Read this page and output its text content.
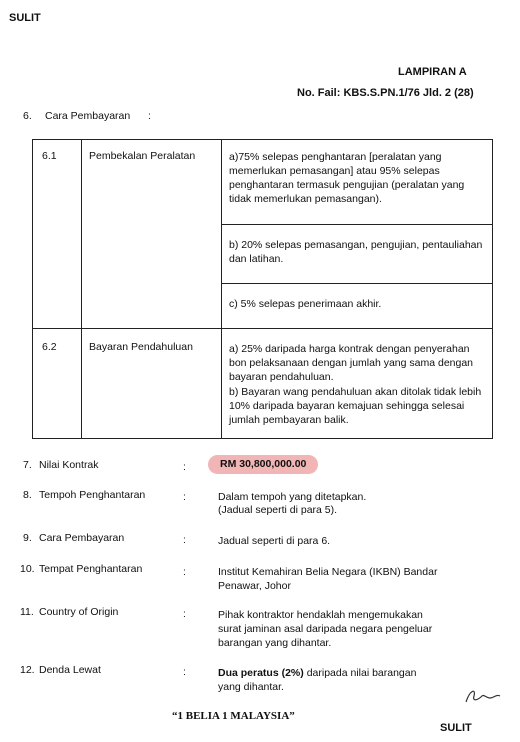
SULIT
LAMPIRAN A
No. Fail: KBS.S.PN.1/76 Jld. 2 (28)
6. Cara Pembayaran :
6.1	Pembekalan Peralatan	a)75% selepas penghantaran [peralatan yang memerlukan pemasangan] atau 95% selepas penghantaran termasuk pengujian (peralatan yang tidak memerlukan pemasangan).
b) 20% selepas pemasangan, pengujian, pentauliahan dan latihan.
c) 5% selepas penerimaan akhir.
6.2	Bayaran Pendahuluan	a) 25% daripada harga kontrak dengan penyerahan bon pelaksanaan dengan jumlah yang sama dengan bayaran pendahuluan.
b) Bayaran wang pendahuluan akan ditolak tidak lebih 10% daripada bayaran kemajuan sehingga selesai jumlah pembayaran balik.
7. Nilai Kontrak	:	RM 30,800,000.00
8. Tempoh Penghantaran	:	Dalam tempoh yang ditetapkan.
(Jadual seperti di para 5).
9. Cara Pembayaran	:	Jadual seperti di para 6.
10. Tempat Penghantaran	:	Institut Kemahiran Belia Negara (IKBN) Bandar
Penawar, Johor
11. Country of Origin	:	Pihak kontraktor hendaklah mengemukakan
surat jaminan asal daripada negara pengeluar
barangan yang dihantar.
12. Denda Lewat	:	Dua peratus (2%) daripada nilai barangan
yang dihantar.
“1 BELIA 1 MALAYSIA”
SULIT
